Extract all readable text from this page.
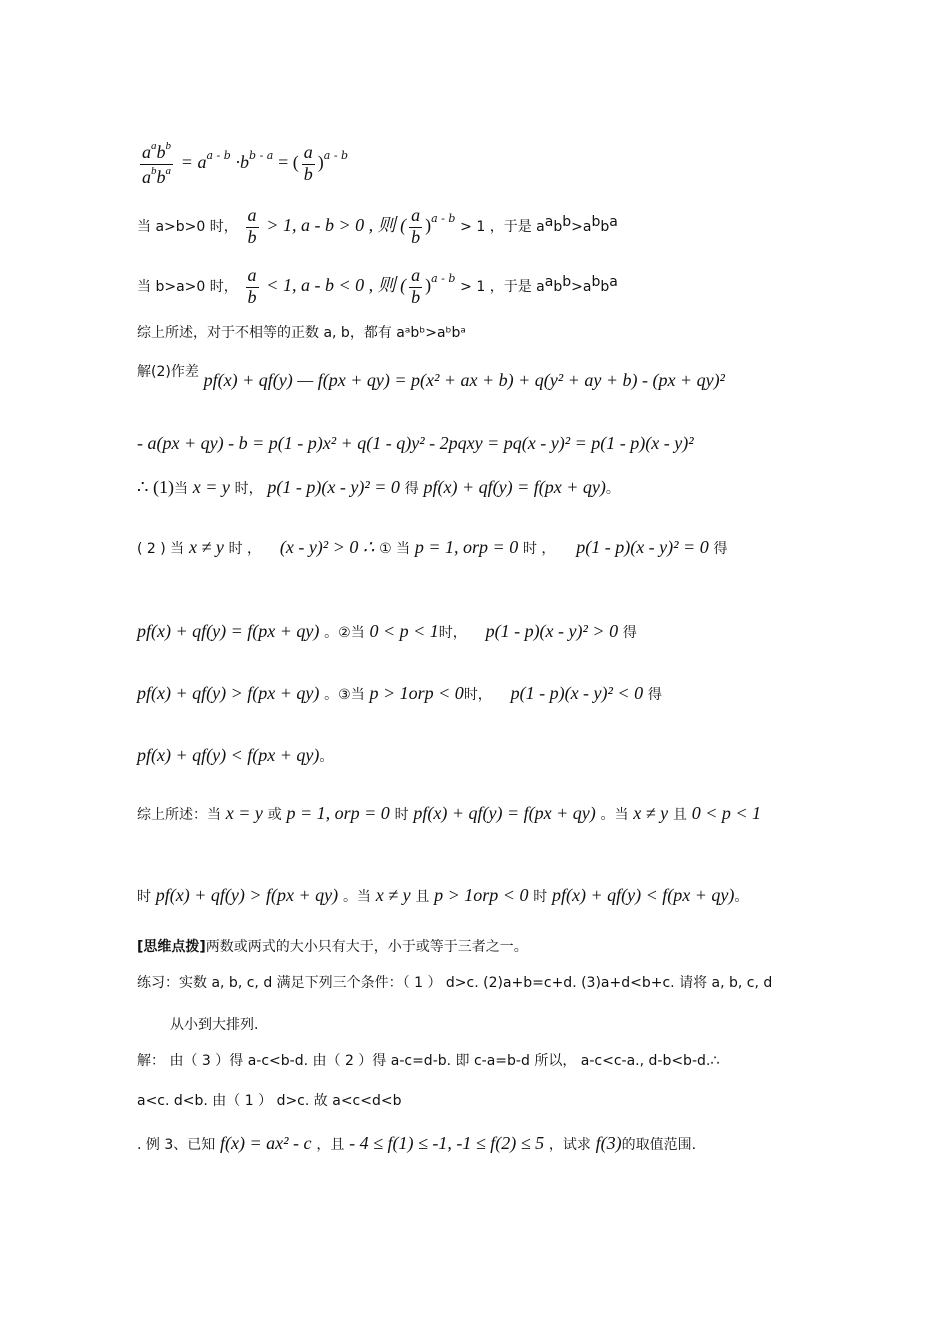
$\frac{a^ab^b}{a^bb^a} = a^{a - b} \cdot b^{b - a}$ = ( $\frac{a}{b} )^{a - b}$
当 a>b>0 时， $\frac{a}{b} > 1$, a - b > 0 , 则 ( $\frac{a}{b} )^{a - b} > 1$ ，于是 aabb>abba
当 b>a>0 时， $\frac{a}{b} < 1$, a - b < 0 , 则 ( $\frac{a}{b} )^{a - b} > 1$ ，于是 aabb>abba
综上所述，对于不相等的正数 a, b，都有 aᵃbᵇ>aᵇbᵃ
解(2)作差 pf(x) + qf(y) — f(px + qy) = p(x² + ax + b) + q(y² + ay + b) - (px + qy)²
- a(px + qy) - b = p(1 - p)x² + q(1 - q)y² - 2pqxy = pq(x - y)² = p(1 - p)(x - y)²
∴ (1)当 x = y 时， p(1 - p)(x - y)² = 0 得 pf(x) + qf(y) = f(px + qy)。
( 2 ) 当 x ≠ y 时 ， (x - y)² > 0 ∴ ① 当 p = 1, orp = 0 时 ， p(1 - p)(x - y)² = 0 得
pf(x) + qf(y) = f(px + qy) 。②当 0 < p < 1时， p(1 - p)(x - y)² > 0 得
pf(x) + qf(y) > f(px + qy) 。③当 p > 1orp < 0时， p(1 - p)(x - y)² < 0 得
pf(x) + qf(y) < f(px + qy)。
综上所述：当 x = y 或 p = 1, orp = 0 时 pf(x) + qf(y) = f(px + qy) 。当 x ≠ y 且 0 < p < 1
时 pf(x) + qf(y) > f(px + qy) 。当 x ≠ y 且 p > 1orp < 0 时 pf(x) + qf(y) < f(px + qy)。
[思维点拨]两数或两式的大小只有大于，小于或等于三者之一。
练习：实数 a, b, c, d 满足下列三个条件：（ 1 ） d>c. (2)a+b=c+d. (3)a+d<b+c. 请将 a, b, c, d
从小到大排列.
解： 由（ 3 ）得 a-c<b-d. 由（ 2 ）得 a-c=d-b. 即 c-a=b-d 所以， a-c<c-a., d-b<b-d.∴
a<c. d<b. 由（ 1 ） d>c. 故 a<c<d<b
. 例 3、已知 f(x) = ax² - c ，且 - 4 ≤ f(1) ≤ -1, -1 ≤ f(2) ≤ 5 ，试求 f(3)的取值范围.
